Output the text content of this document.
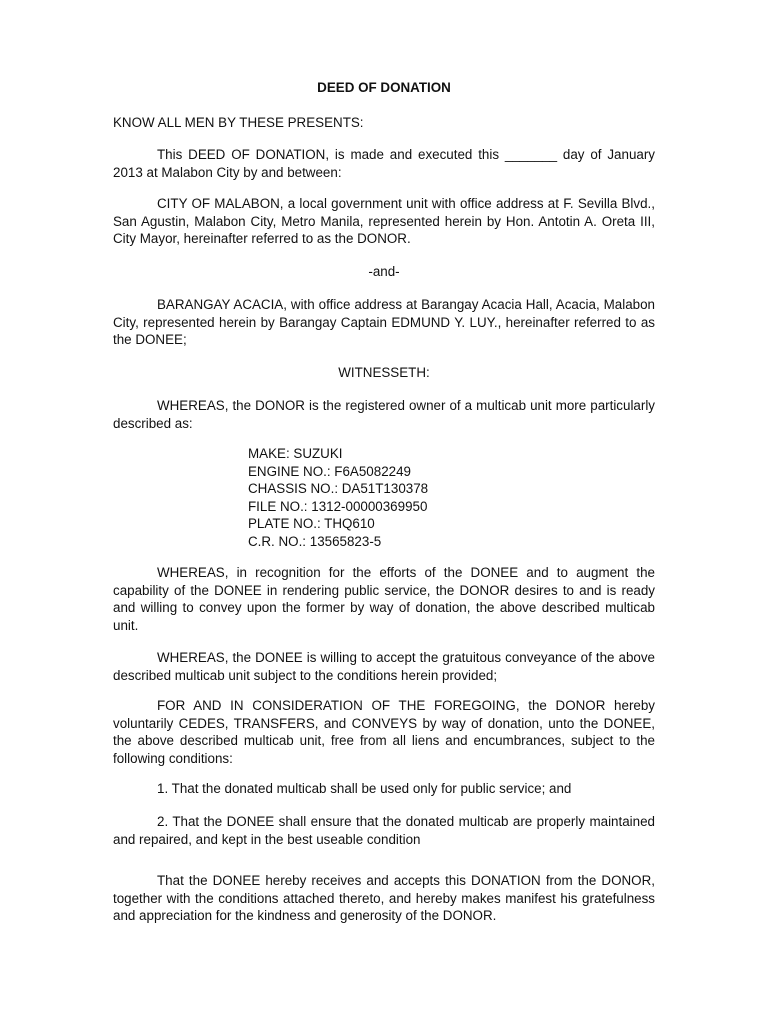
DEED OF DONATION

KNOW ALL MEN BY THESE PRESENTS:

This DEED OF DONATION, is made and executed this _______ day of January 2013 at Malabon City by and between:

CITY OF MALABON, a local government unit with office address at F. Sevilla Blvd., San Agustin, Malabon City, Metro Manila, represented herein by Hon. Antotin A. Oreta III, City Mayor, hereinafter referred to as the DONOR.

-and-

BARANGAY ACACIA, with office address at Barangay Acacia Hall, Acacia, Malabon City, represented herein by Barangay Captain EDMUND Y. LUY., hereinafter referred to as the DONEE;

WITNESSETH:

WHEREAS, the DONOR is the registered owner of a multicab unit more particularly described as:

MAKE: SUZUKI
ENGINE NO.: F6A5082249
CHASSIS NO.: DA51T130378
FILE NO.: 1312-00000369950
PLATE NO.: THQ610
C.R. NO.: 13565823-5

WHEREAS, in recognition for the efforts of the DONEE and to augment the capability of the DONEE in rendering public service, the DONOR desires to and is ready and willing to convey upon the former by way of donation, the above described multicab unit.

WHEREAS, the DONEE is willing to accept the gratuitous conveyance of the above described multicab unit subject to the conditions herein provided;

FOR AND IN CONSIDERATION OF THE FOREGOING, the DONOR hereby voluntarily CEDES, TRANSFERS, and CONVEYS by way of donation, unto the DONEE, the above described multicab unit, free from all liens and encumbrances, subject to the following conditions:

1. That the donated multicab shall be used only for public service; and

2. That the DONEE shall ensure that the donated multicab are properly maintained and repaired, and kept in the best useable condition

That the DONEE hereby receives and accepts this DONATION from the DONOR, together with the conditions attached thereto, and hereby makes manifest his gratefulness and appreciation for the kindness and generosity of the DONOR.
